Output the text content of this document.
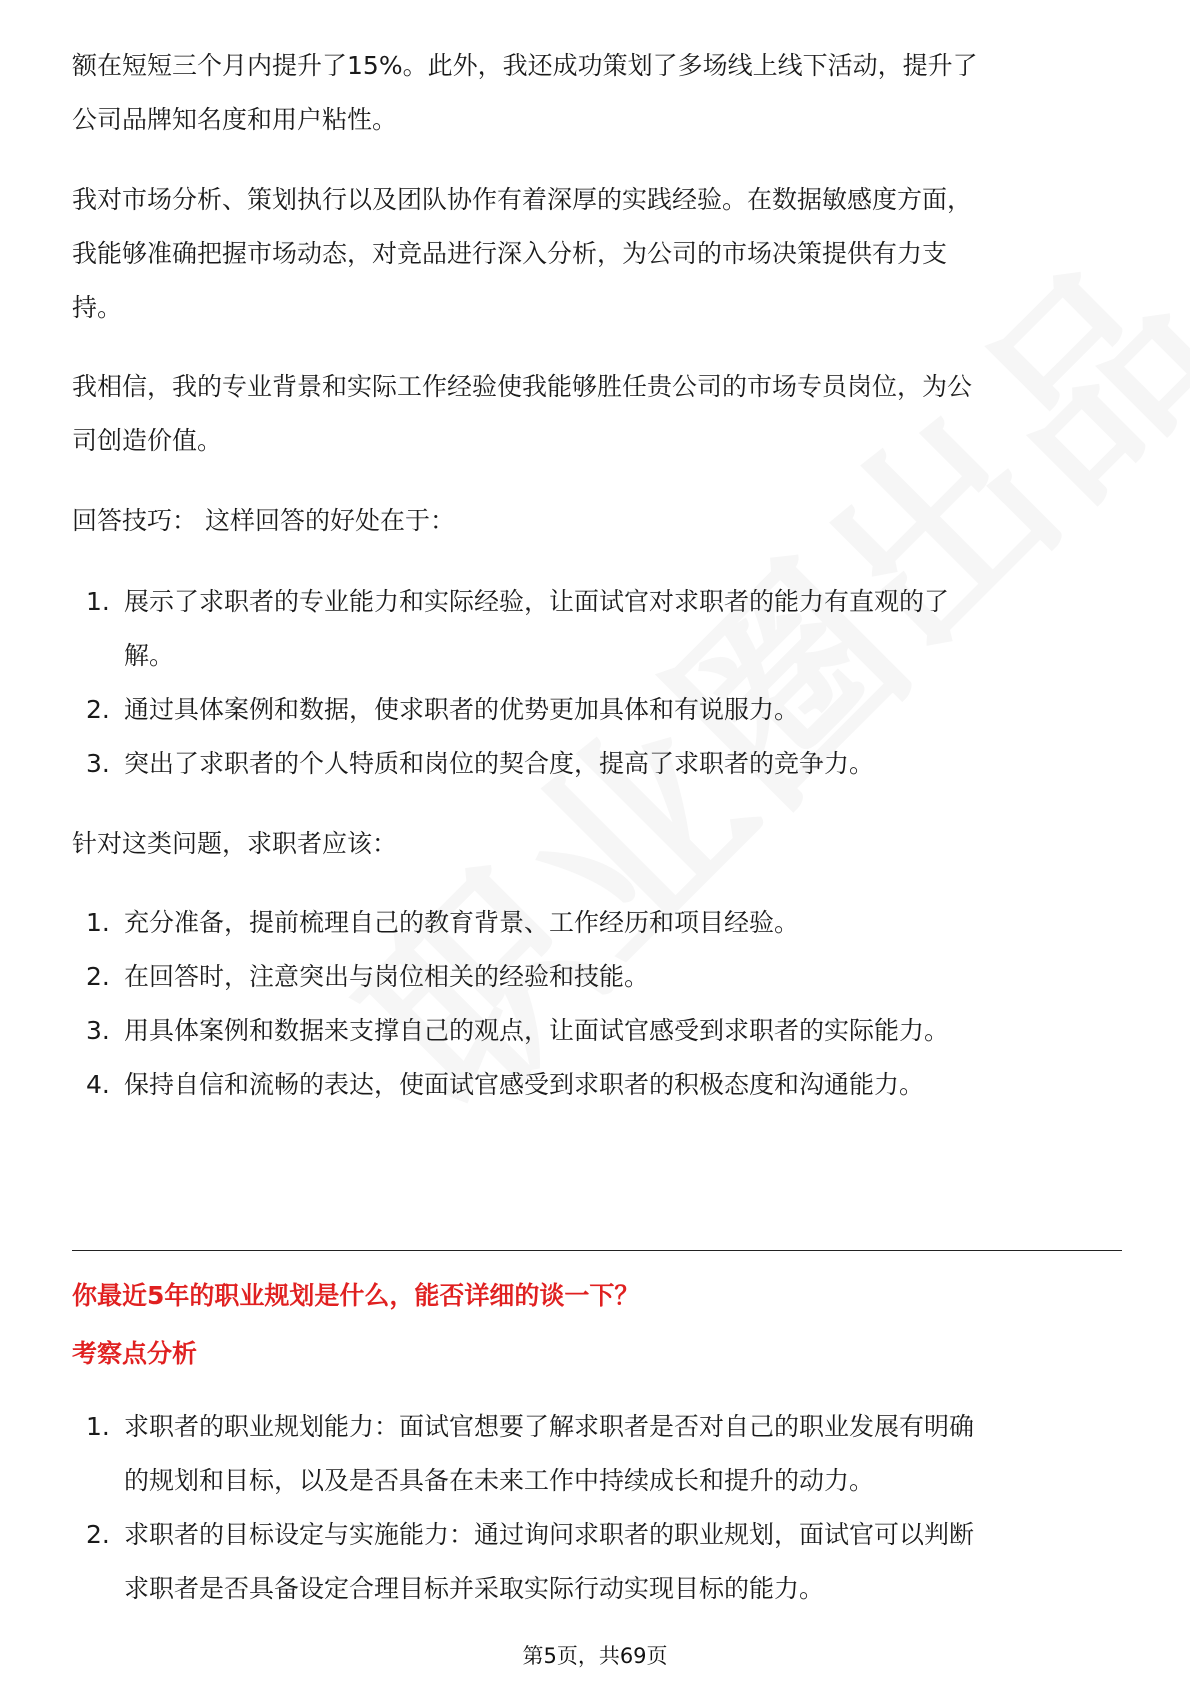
额在短短三个月内提升了15%。此外，我还成功策划了多场线上线下活动，提升了

公司品牌知名度和用户粘性。

我对市场分析、策划执行以及团队协作有着深厚的实践经验。在数据敏感度方面，

我能够准确把握市场动态，对竞品进行深入分析，为公司的市场决策提供有力支

持。

我相信，我的专业背景和实际工作经验使我能够胜任贵公司的市场专员岗位，为公

司创造价值。

回答技巧： 这样回答的好处在于：

1. 展示了求职者的专业能力和实际经验，让面试官对求职者的能力有直观的了
解。
2. 通过具体案例和数据，使求职者的优势更加具体和有说服力。
3. 突出了求职者的个人特质和岗位的契合度，提高了求职者的竞争力。

针对这类问题，求职者应该：

1. 充分准备，提前梳理自己的教育背景、工作经历和项目经验。
2. 在回答时，注意突出与岗位相关的经验和技能。
3. 用具体案例和数据来支撑自己的观点，让面试官感受到求职者的实际能力。
4. 保持自信和流畅的表达，使面试官感受到求职者的积极态度和沟通能力。

你最近5年的职业规划是什么，能否详细的谈一下？

考察点分析

1. 求职者的职业规划能力：面试官想要了解求职者是否对自己的职业发展有明确
的规划和目标，以及是否具备在未来工作中持续成长和提升的动力。
2. 求职者的目标设定与实施能力：通过询问求职者的职业规划，面试官可以判断
求职者是否具备设定合理目标并采取实际行动实现目标的能力。
第5页，共69页
